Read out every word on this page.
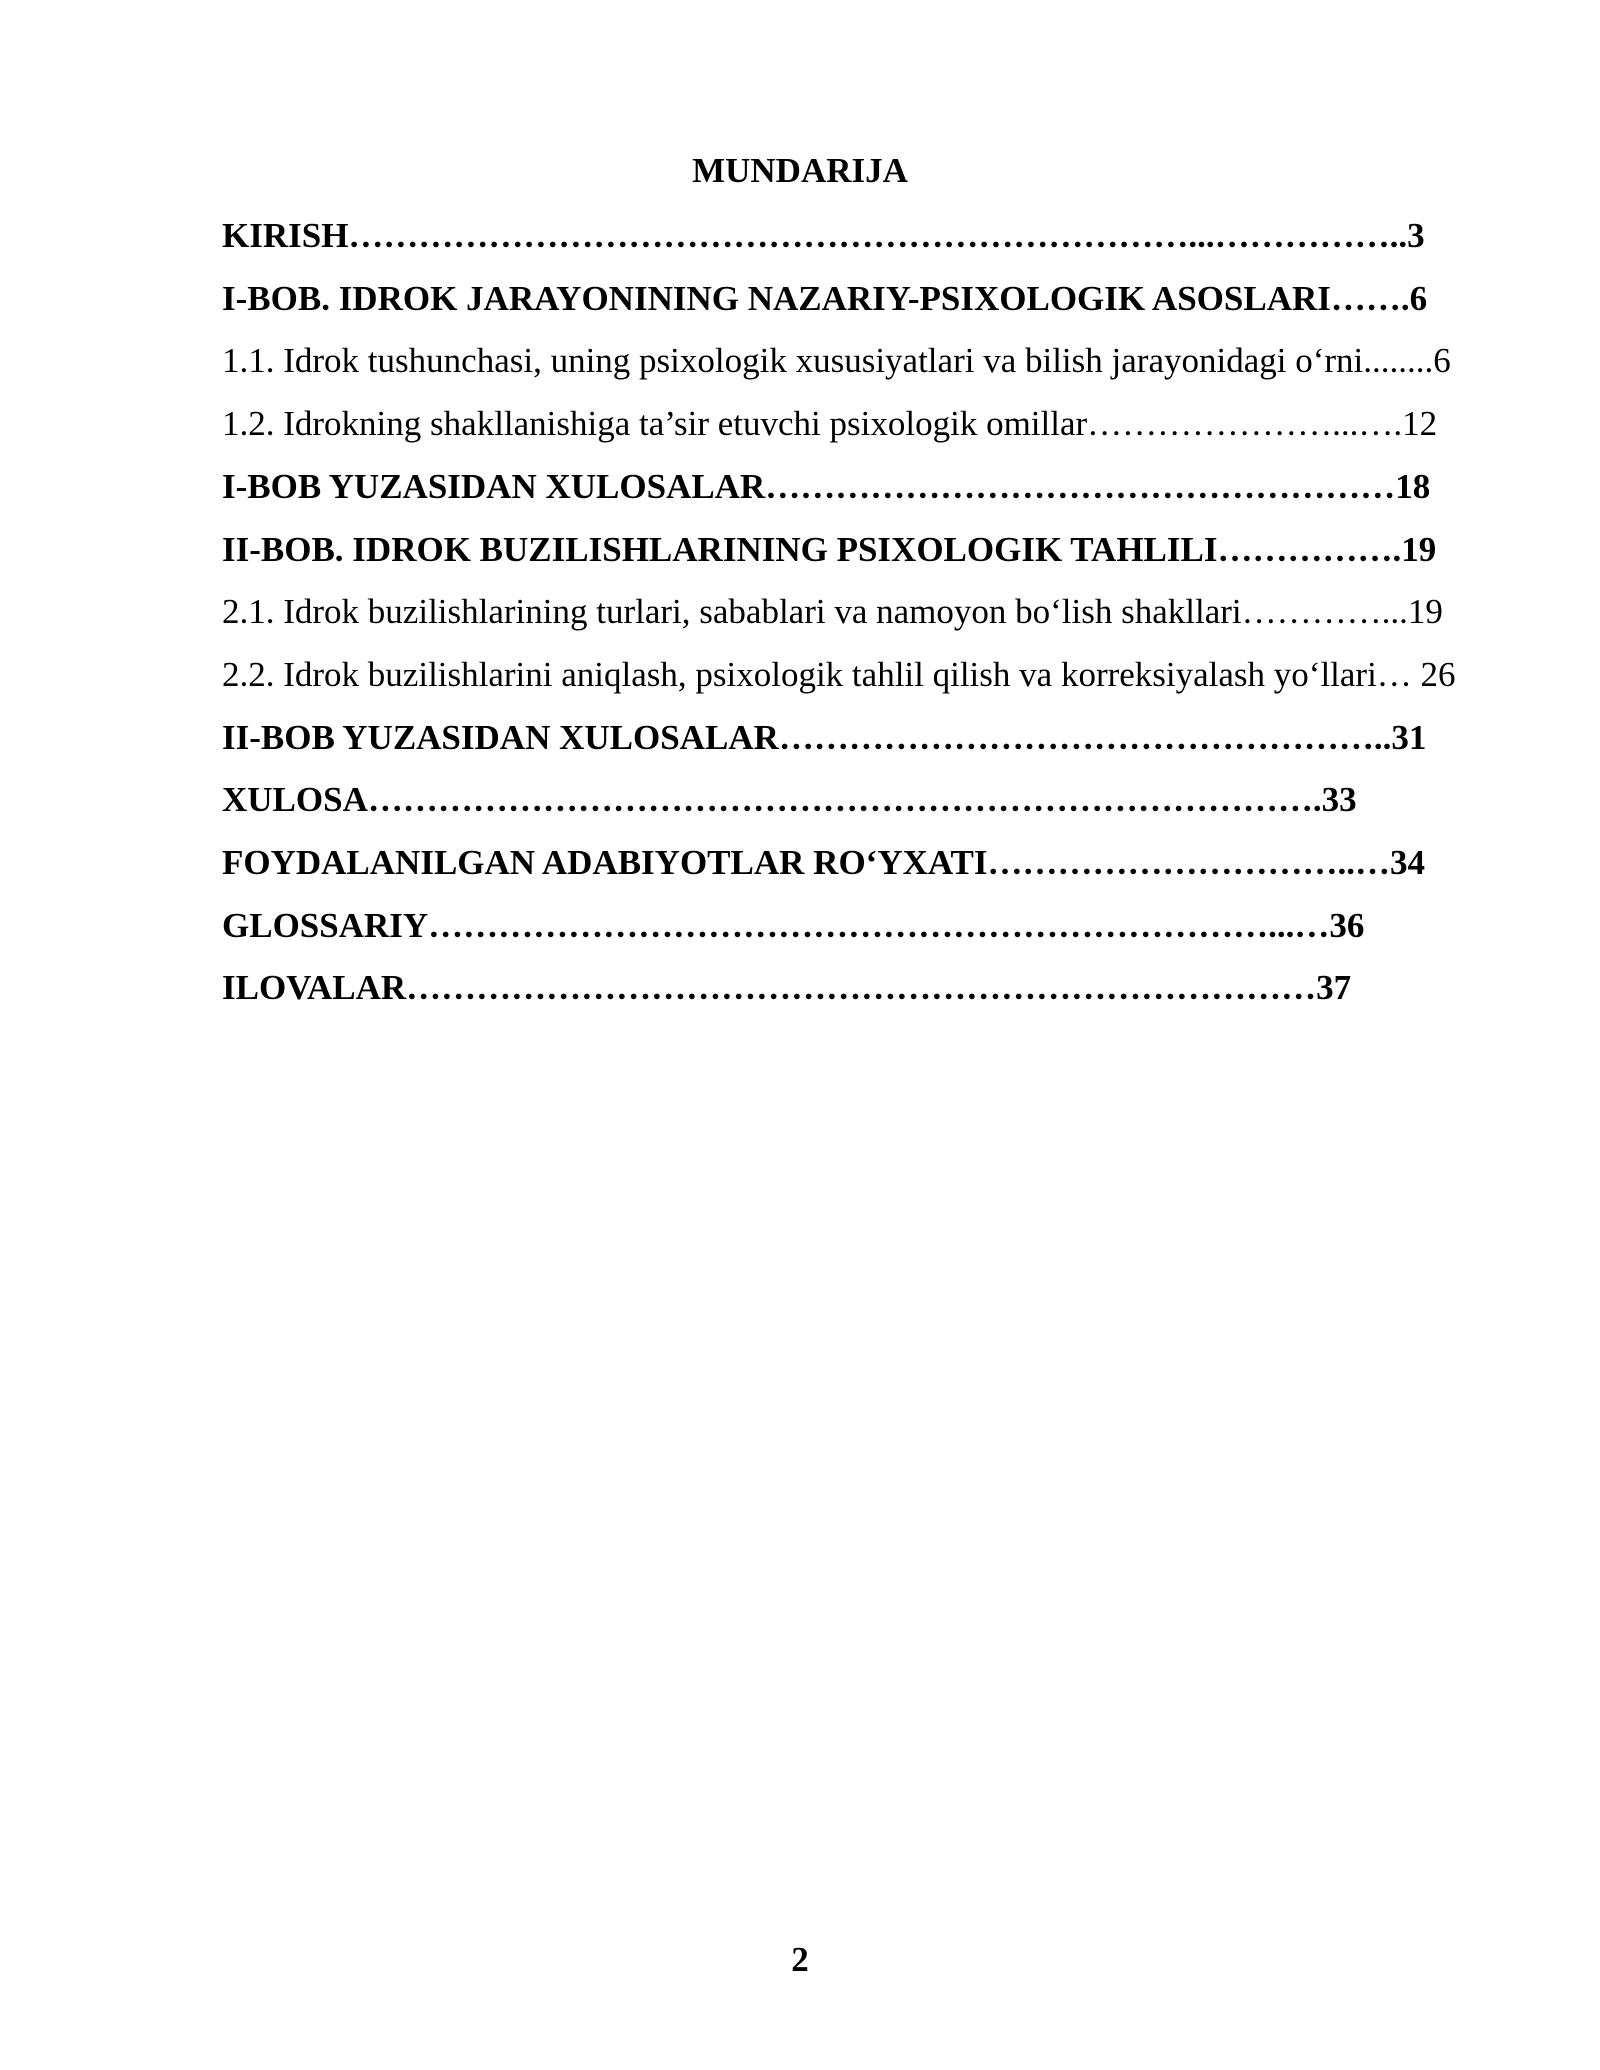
MUNDARIJA

KIRISH………………………………………………………………...……………..3

I-BOB. IDROK JARAYONINING NAZARIY-PSIXOLOGIK ASOSLARI…….6

1.1. Idrok tushunchasi, uning psixologik xususiyatlari va bilish jarayonidagi o‘rni........6

1.2. Idrokning shakllanishiga ta’sir etuvchi psixologik omillar…………………...….12

I-BOB YUZASIDAN XULOSALAR………………………………………………18

II-BOB. IDROK BUZILISHLARINING PSIXOLOGIK TAHLILI…………….19

2.1. Idrok buzilishlarining turlari, sabablari va namoyon bo‘lish shakllari…………...19

2.2. Idrok buzilishlarini aniqlash, psixologik tahlil qilish va korreksiyalash yo‘llari… 26

II-BOB YUZASIDAN XULOSALAR……………………………………………..31

XULOSA……………………………………………………………………….33

FOYDALANILGAN ADABIYOTLAR RO‘YXATI…………………………..…34

GLOSSARIY………………………………………………………………...…36

ILOVALAR……………………………………………………………………37

2
